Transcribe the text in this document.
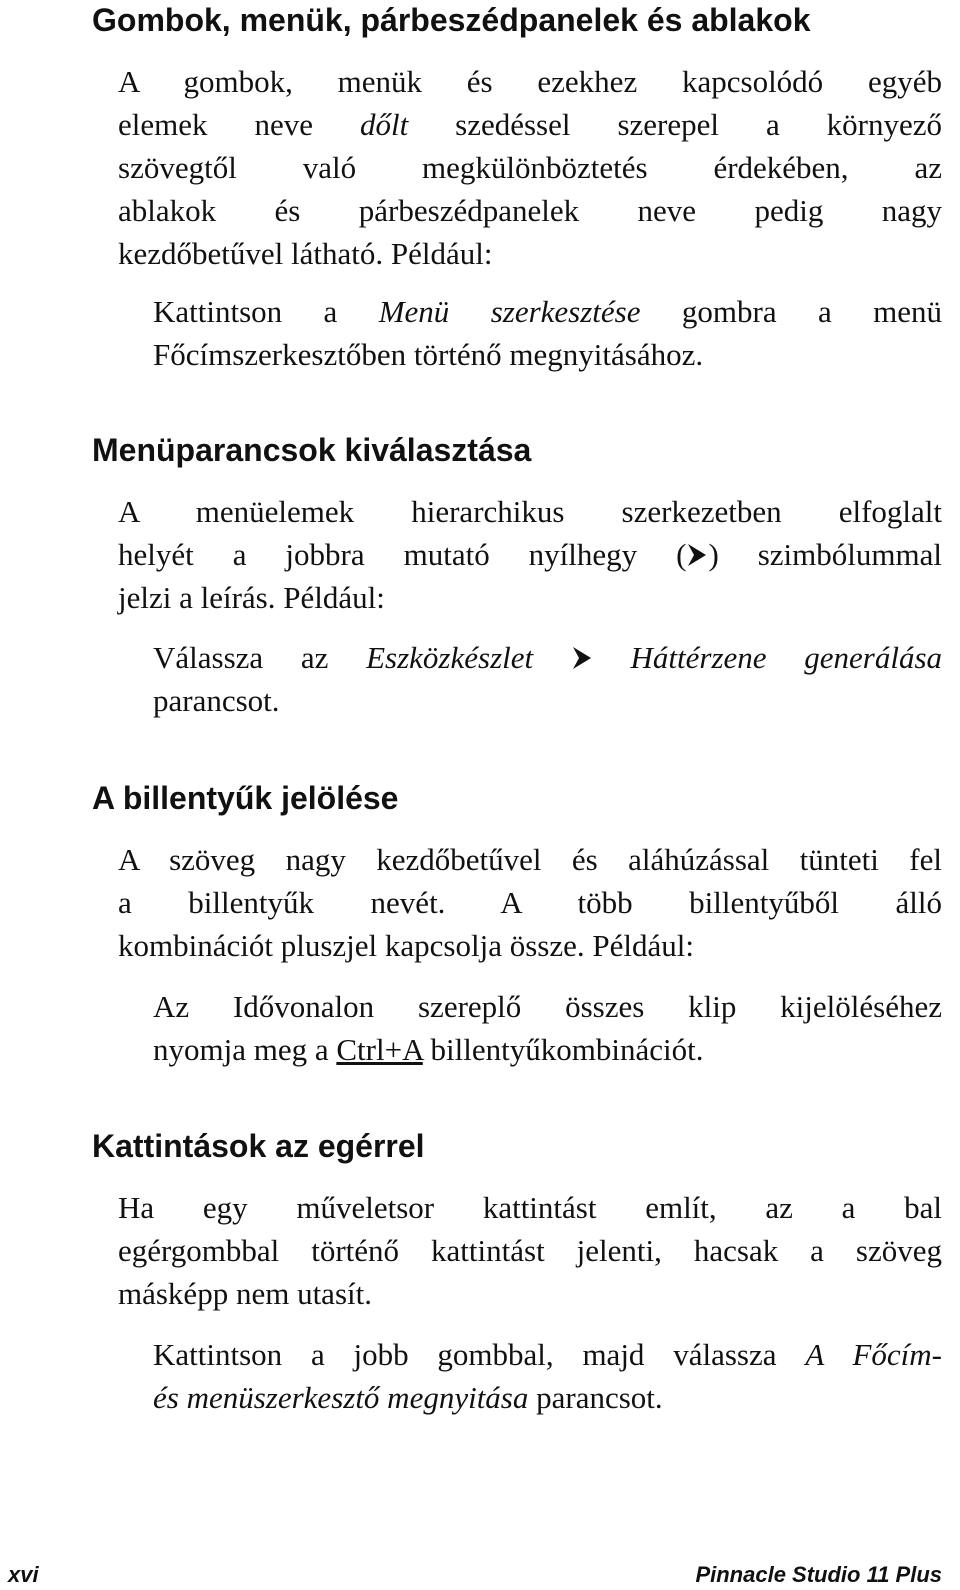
Gombok, menük, párbeszédpanelek és ablakok
A gombok, menük és ezekhez kapcsolódó egyéb
elemek neve dőlt szedéssel szerepel a környező
szövegtől való megkülönböztetés érdekében, az
ablakok és párbeszédpanelek neve pedig nagy
kezdőbetűvel látható. Például:
Kattintson a Menü szerkesztése gombra a menü
Főcímszerkesztőben történő megnyitásához.
Menüparancsok kiválasztása
A menüelemek hierarchikus szerkezetben elfoglalt
helyét a jobbra mutató nyílhegy ( ) szimbólummal
jelzi a leírás. Például:
Válassza az Eszközkészlet	Háttérzene generálása
parancsot.
A billentyűk jelölése
A szöveg nagy kezdőbetűvel és aláhúzással tünteti fel
a billentyűk nevét. A több billentyűből álló
kombinációt pluszjel kapcsolja össze. Például:
Az Idővonalon szereplő összes klip kijelöléséhez
nyomja meg a Ctrl+A billentyűkombinációt.
Kattintások az egérrel
Ha egy műveletsor kattintást említ, az a bal
egérgombbal történő kattintást jelenti, hacsak a szöveg
másképp nem utasít.
Kattintson a jobb gombbal, majd válassza A Főcím-
és menüszerkesztő megnyitása parancsot.
xvi	Pinnacle Studio 11 Plus
